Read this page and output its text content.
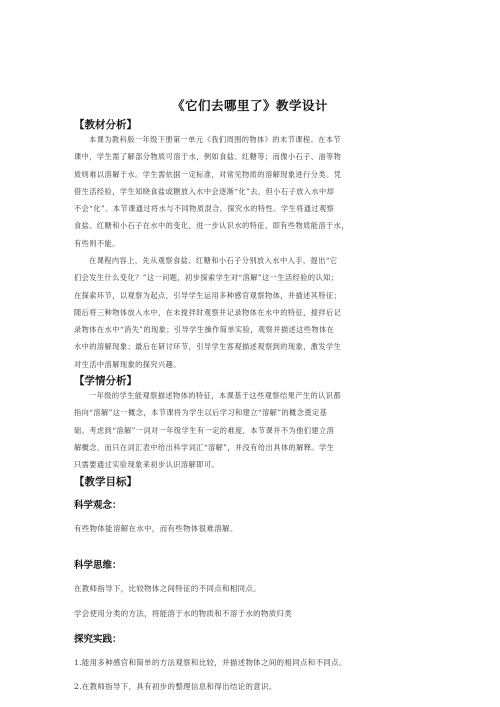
《它们去哪里了》教学设计
【教材分析】
本课为教科版一年级下册第一单元《我们周围的物体》的末节课程。在本节
课中，学生需了解部分物质可溶于水，例如食盐、红糖等；而像小石子、油等物
质则难以溶解于水。学生需依据一定标准，对常见物质的溶解现象进行分类。凭
借生活经验，学生知晓食盐或糖放入水中会逐渐“化”去，但小石子放入水中却
不会“化”。本节课通过将水与不同物质混合，探究水的特性。学生将通过观察
食盐、红糖和小石子在水中的变化，进一步认识水的特征，即有些物质能溶于水，
有些则不能。
在课程内容上，先从观察食盐、红糖和小石子分别放入水中入手，提出“它
们会发生什么变化？”这一问题，初步探索学生对“溶解”这一生活经验的认知；
在探索环节，以观察为起点，引导学生运用多种感官观察物体，并描述其特征；
随后将三种物体放入水中，在未搅拌时观察并记录物体在水中的特征，搅拌后记
录物体在水中“消失”的现象；引导学生操作简单实验，观察并描述这些物体在
水中的溶解现象；最后在研讨环节，引导学生客观描述观察到的现象，激发学生
对生活中溶解现象的探究兴趣。
【学情分析】
一年级的学生能观察描述物体的特征，本课基于这些观察结果产生的认识都
指向“溶解”这一概念，本节课将为学生以后学习和建立“溶解”的概念奠定基
础。考虑到“溶解”一词对一年级学生有一定的难度，本节课并不为他们建立溶
解概念，而只在词汇表中给出科学词汇“溶解”，并没有给出具体的解释。学生
只需要通过实验现象来初步认识溶解即可。
【教学目标】
科学观念：
有些物体能溶解在水中，而有些物体很难溶解。
科学思维：
在教师指导下，比较物体之间特征的不同点和相同点。
学会使用分类的方法，将能溶于水的物质和不溶于水的物质归类
探究实践：
1.能用多种感官和简单的方法观察和比较，并描述物体之间的相同点和不同点。
2.在教师指导下，具有初步的整理信息和得出结论的意识。
